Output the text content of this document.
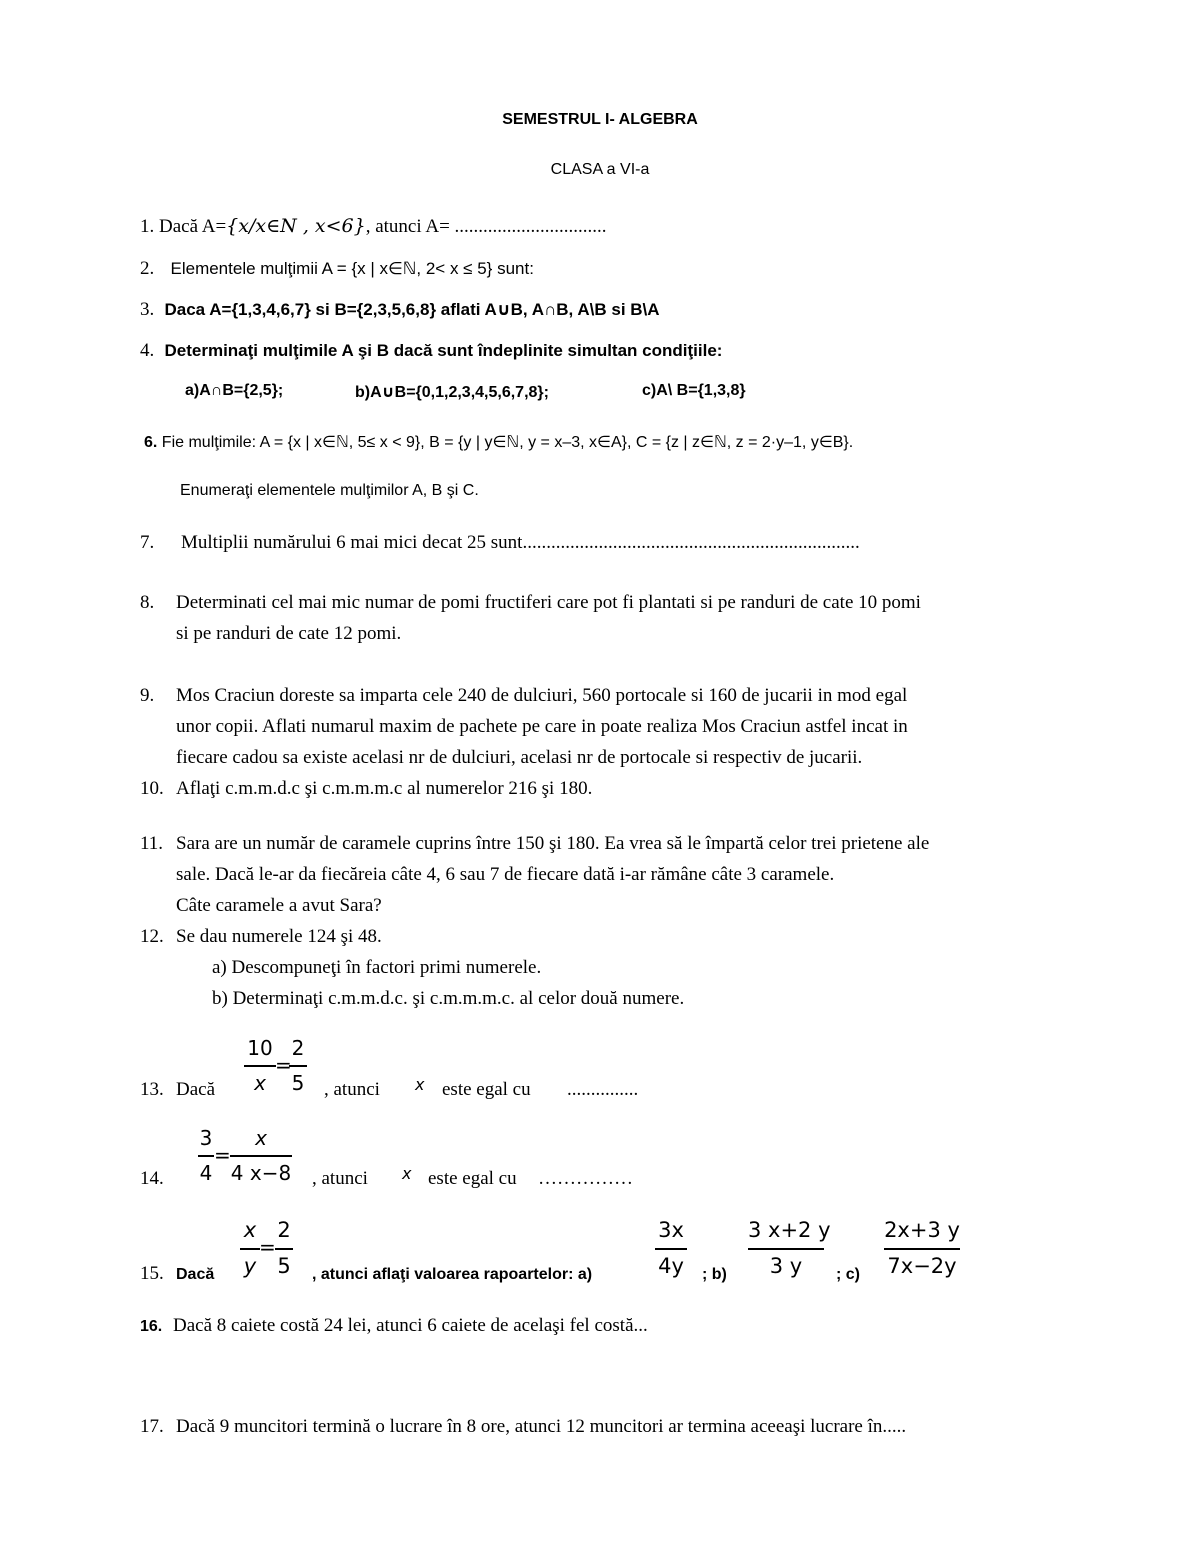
SEMESTRUL I- ALGEBRA
CLASA a VI-a
1. Dacă A={x/x∈N , x<6}, atunci A= ................................
2. Elementele mulţimii A = {x | x∈ℕ, 2< x ≤ 5} sunt:
3. Daca A={1,3,4,6,7} si B={2,3,5,6,8} aflati A∪B, A∩B, A\B si B\A
4. Determinaţi mulţimile A şi B dacă sunt îndeplinite simultan condiţiile:
a)A∩B={2,5};	b)A∪B={0,1,2,3,4,5,6,7,8};	c)A\ B={1,3,8}
6. Fie mulţimile: A = {x | x∈ℕ, 5≤ x < 9}, B = {y | y∈ℕ, y = x–3, x∈A}, C = {z | z∈ℕ, z = 2·y–1, y∈B}.
Enumeraţi elementele mulţimilor A, B şi C.
7. Multiplii numărului 6 mai mici decat 25 sunt.......................................................................
8. Determinati cel mai mic numar de pomi fructiferi care pot fi plantati si pe randuri de cate 10 pomi
si pe randuri de cate 12 pomi.
9. Mos Craciun doreste sa imparta cele 240 de dulciuri, 560 portocale si 160 de jucarii in mod egal
unor copii. Aflati numarul maxim de pachete pe care in poate realiza Mos Craciun astfel incat in
fiecare cadou sa existe acelasi nr de dulciuri, acelasi nr de portocale si respectiv de jucarii.
10. Aflaţi c.m.m.d.c şi c.m.m.m.c al numerelor 216 şi 180.
11. Sara are un număr de caramele cuprins între 150 şi 180. Ea vrea să le împartă celor trei prietene ale
sale. Dacă le-ar da fiecăreia câte 4, 6 sau 7 de fiecare dată i-ar rămâne câte 3 caramele.
Câte caramele a avut Sara?
12. Se dau numerele 124 şi 48.
a) Descompuneţi în factori primi numerele.
b) Determinaţi c.m.m.d.c. şi c.m.m.m.c. al celor două numere.
13. Dacă
10
x
=
2
5 , atunci x este egal cu ...............
14.
3
4
=
x
4 x−8 , atunci x este egal cu ……………
15. Dacă
x
y
=
2
5 , atunci aflaţi valoarea rapoartelor: a)
3x
4y ; b)
3 x+2 y
3 y	; c)
2x+3 y
7x−2y
16. Dacă 8 caiete costă 24 lei, atunci 6 caiete de acelaşi fel costă...
17. Dacă 9 muncitori termină o lucrare în 8 ore, atunci 12 muncitori ar termina aceeaşi lucrare în.....
